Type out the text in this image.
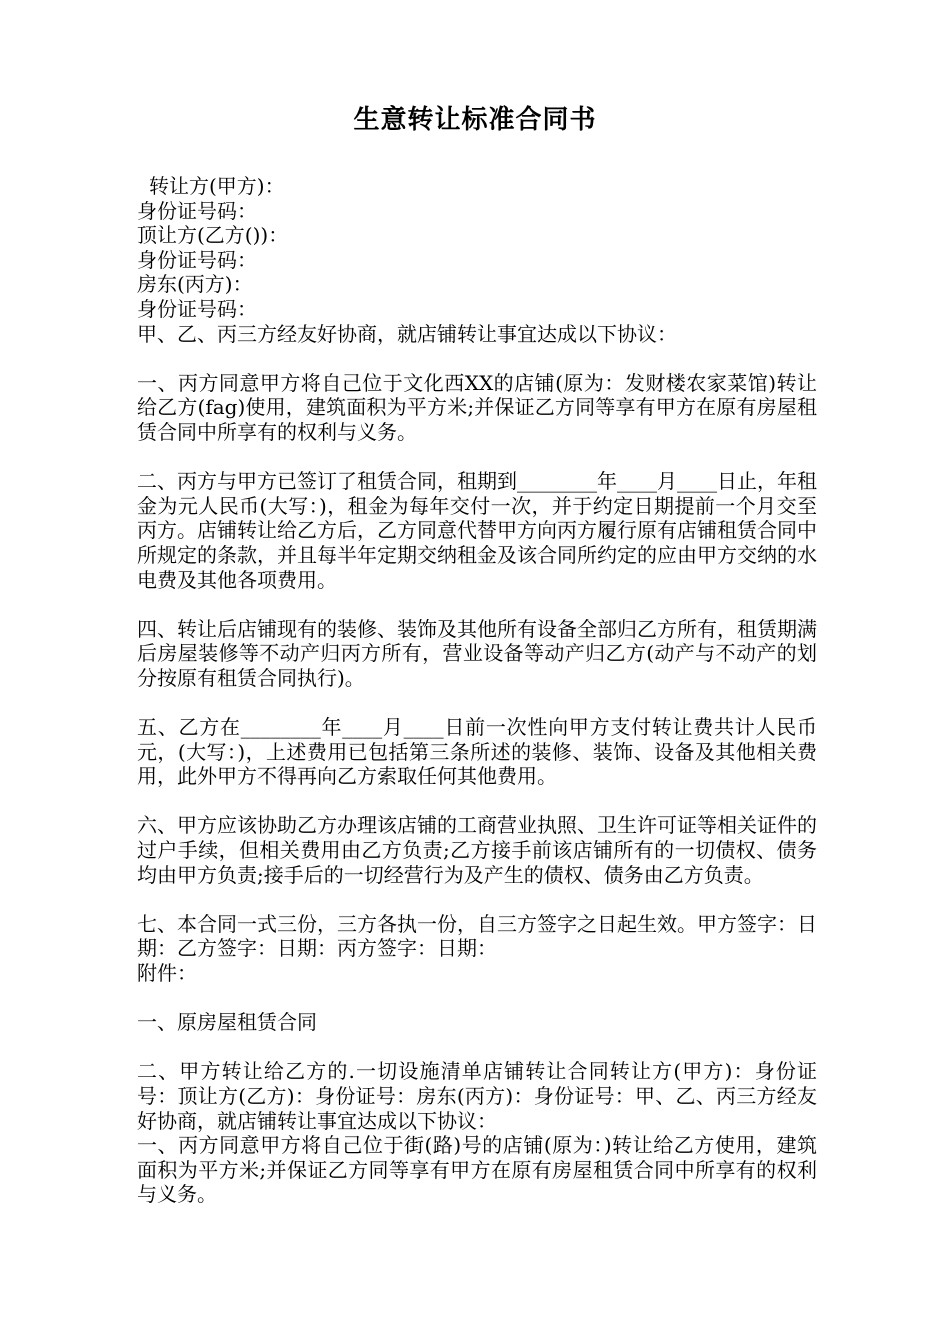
生意转让标准合同书
转让方(甲方)：
身份证号码：
顶让方(乙方())：
身份证号码：
房东(丙方)：
身份证号码：
甲、乙、丙三方经友好协商，就店铺转让事宜达成以下协议：
一、丙方同意甲方将自己位于文化西XX的店铺(原为：发财楼农家菜馆)转让给乙方(fag)使用，建筑面积为平方米;并保证乙方同等享有甲方在原有房屋租赁合同中所享有的权利与义务。
二、丙方与甲方已签订了租赁合同，租期到________年____月____日止，年租金为元人民币(大写：)，租金为每年交付一次，并于约定日期提前一个月交至丙方。店铺转让给乙方后，乙方同意代替甲方向丙方履行原有店铺租赁合同中所规定的条款，并且每半年定期交纳租金及该合同所约定的应由甲方交纳的水电费及其他各项费用。
四、转让后店铺现有的装修、装饰及其他所有设备全部归乙方所有，租赁期满后房屋装修等不动产归丙方所有，营业设备等动产归乙方(动产与不动产的划分按原有租赁合同执行)。
五、乙方在________年____月____日前一次性向甲方支付转让费共计人民币元，(大写：)，上述费用已包括第三条所述的装修、装饰、设备及其他相关费用，此外甲方不得再向乙方索取任何其他费用。
六、甲方应该协助乙方办理该店铺的工商营业执照、卫生许可证等相关证件的过户手续，但相关费用由乙方负责;乙方接手前该店铺所有的一切债权、债务均由甲方负责;接手后的一切经营行为及产生的债权、债务由乙方负责。
七、本合同一式三份，三方各执一份，自三方签字之日起生效。甲方签字：日期：乙方签字：日期：丙方签字：日期：
附件：
一、原房屋租赁合同
二、甲方转让给乙方的.一切设施清单店铺转让合同转让方(甲方)：身份证号：顶让方(乙方)：身份证号：房东(丙方)：身份证号：甲、乙、丙三方经友好协商，就店铺转让事宜达成以下协议：
一、丙方同意甲方将自己位于街(路)号的店铺(原为：)转让给乙方使用，建筑面积为平方米;并保证乙方同等享有甲方在原有房屋租赁合同中所享有的权利与义务。
